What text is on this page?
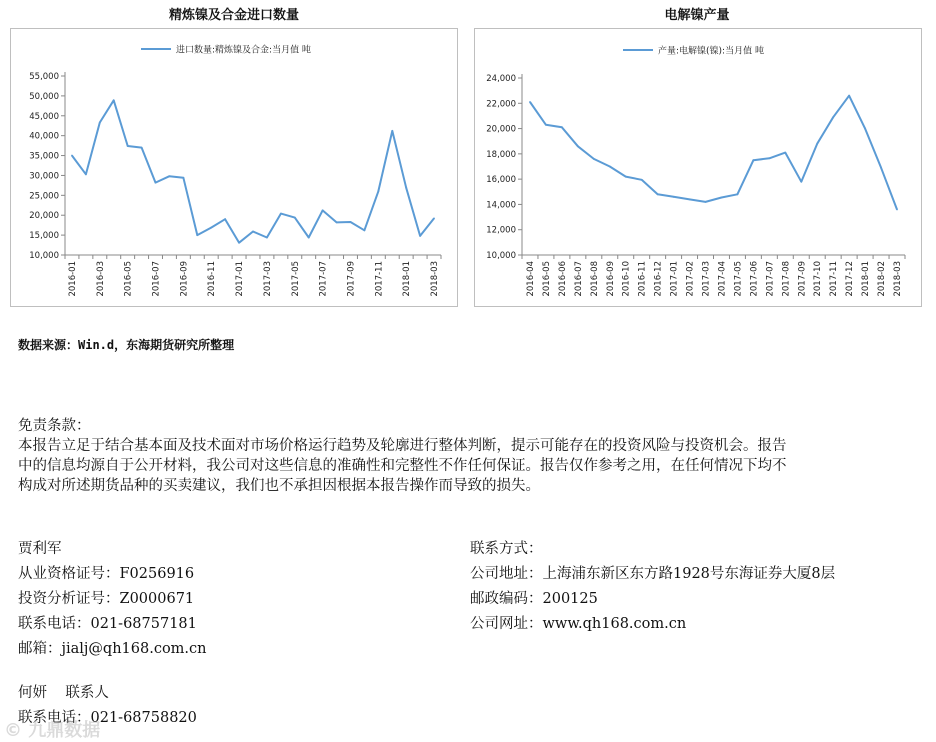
精炼镍及合金进口数量
进口数量:精炼镍及合金:当月值 吨
10,000
15,000
20,000
25,000
30,000
35,000
40,000
45,000
50,000
55,000
2016-01 2016-03 2016-05 2016-07 2016-09 2016-11 2017-01 2017-03 2017-05 2017-07 2017-09 2017-11 2018-01 2018-03
电解镍产量
产量:电解镍(镍):当月值 吨
10,000
12,000
14,000
16,000
18,000
20,000
22,000
24,000
2016-04 2016-05 2016-06 2016-07 2016-08 2016-09 2016-10 2016-11 2016-12 2017-01 2017-02 2017-03 2017-04 2017-05 2017-06 2017-07 2017-08 2017-09 2017-10 2017-11 2017-12 2018-01 2018-02 2018-03
数据来源：Win.d，东海期货研究所整理
免责条款：
本报告立足于结合基本面及技术面对市场价格运行趋势及轮廓进行整体判断，提示可能存在的投资风险与投资机会。报告
中的信息均源自于公开材料，我公司对这些信息的准确性和完整性不作任何保证。报告仅作参考之用，在任何情况下均不
构成对所述期货品种的买卖建议，我们也不承担因根据本报告操作而导致的损失。
贾利军
从业资格证号：F0256916
投资分析证号：Z0000671
联系电话：021-68757181
邮箱：jialj@qh168.com.cn
联系方式：
公司地址：上海浦东新区东方路1928号东海证券大厦8层
邮政编码：200125
公司网址：www.qh168.com.cn
何妍    联系人
联系电话：021-68758820
© 九鼎数据
